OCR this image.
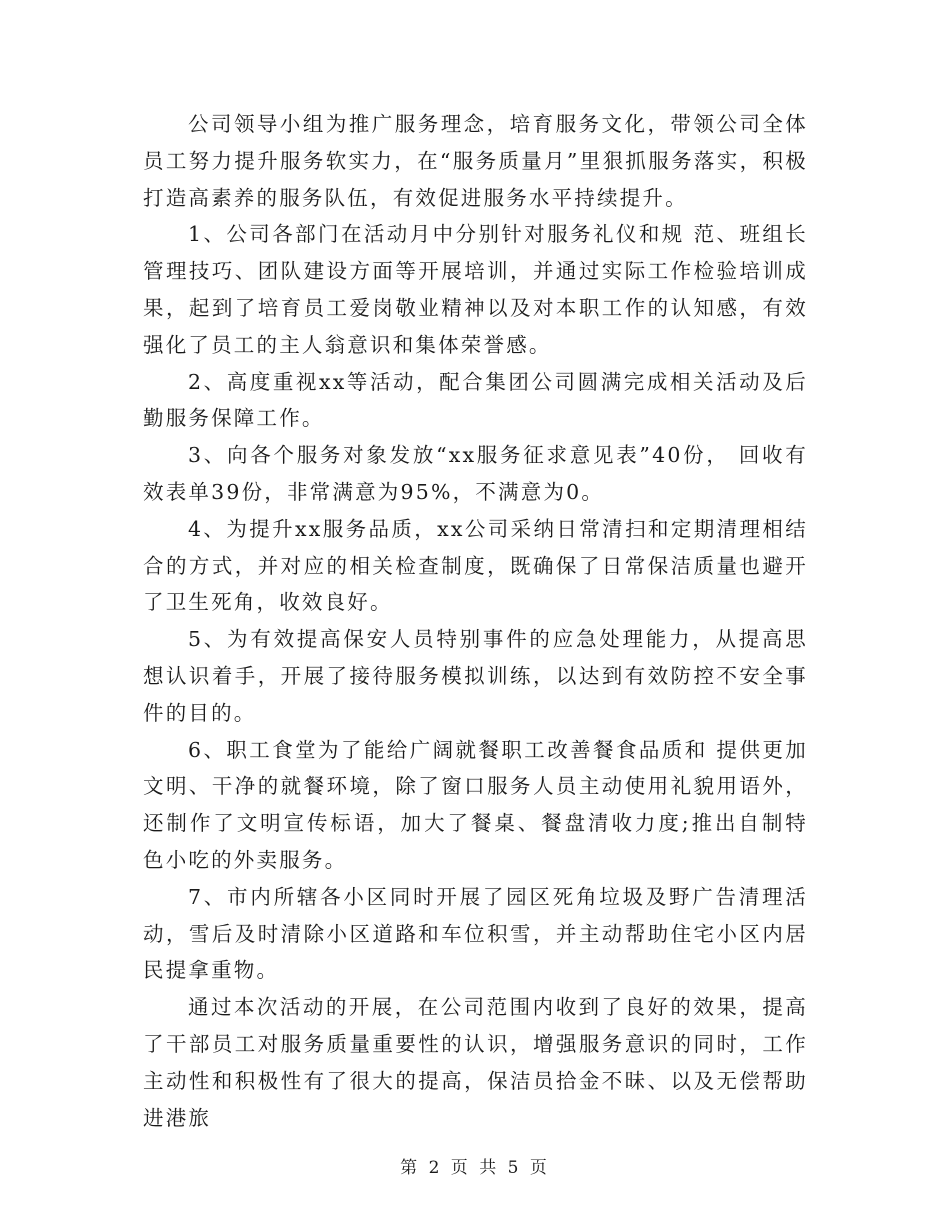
公司领导小组为推广服务理念，培育服务文化，带领公司全体员工努力提升服务软实力，在“服务质量月”里狠抓服务落实，积极打造高素养的服务队伍，有效促进服务水平持续提升。

1、公司各部门在活动月中分别针对服务礼仪和规 范、班组长管理技巧、团队建设方面等开展培训，并通过实际工作检验培训成果，起到了培育员工爱岗敬业精神以及对本职工作的认知感，有效强化了员工的主人翁意识和集体荣誉感。

2、高度重视xx等活动，配合集团公司圆满完成相关活动及后勤服务保障工作。

3、向各个服务对象发放“xx服务征求意见表”40份， 回收有效表单39份，非常满意为95%，不满意为0。

4、为提升xx服务品质，xx公司采纳日常清扫和定期清理相结合的方式，并对应的相关检查制度，既确保了日常保洁质量也避开了卫生死角，收效良好。

5、为有效提高保安人员特别事件的应急处理能力，从提高思想认识着手，开展了接待服务模拟训练，以达到有效防控不安全事件的目的。

6、职工食堂为了能给广阔就餐职工改善餐食品质和 提供更加文明、干净的就餐环境，除了窗口服务人员主动使用礼貌用语外，还制作了文明宣传标语，加大了餐桌、餐盘清收力度;推出自制特色小吃的外卖服务。

7、市内所辖各小区同时开展了园区死角垃圾及野广告清理活动，雪后及时清除小区道路和车位积雪，并主动帮助住宅小区内居民提拿重物。

通过本次活动的开展，在公司范围内收到了良好的效果，提高了干部员工对服务质量重要性的认识，增强服务意识的同时，工作主动性和积极性有了很大的提高，保洁员拾金不昧、以及无偿帮助进港旅

第 2 页 共 5 页
